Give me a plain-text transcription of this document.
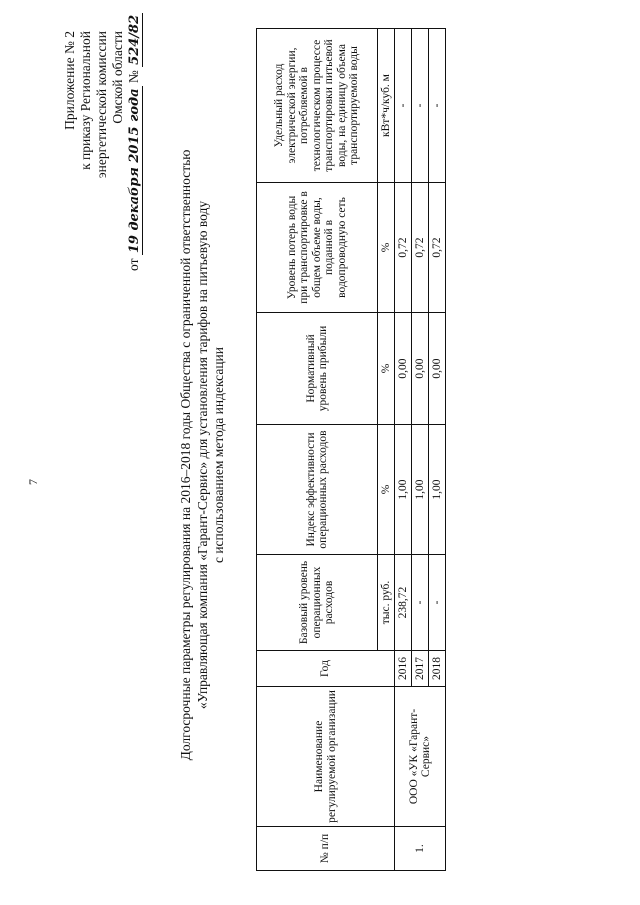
7
Приложение № 2 к приказу Региональной энергетической комиссии Омской области
от 19 декабря 2015 года № 524/82
Долгосрочные параметры регулирования на 2016–2018 годы Общества с ограниченной ответственностью «Управляющая компания «Гарант-Сервис» для установления тарифов на питьевую воду с использованием метода индексации
№ п/п	Наименование регулируемой организации	Год	Базовый уровень операционных расходов	Индекс эффективности операционных расходов	Нормативный уровень прибыли	Уровень потерь воды при транспортировке в общем объеме воды, поданной в водопроводную сеть	Удельный расход электрической энергии, потребляемой в технологическом процессе транспортировки питьевой воды, на единицу объема транспортируемой воды
			тыс. руб.	%	%	%	кВт*ч/куб. м
1.	ООО «УК «Гарант-Сервис»	2016	238,72	1,00	0,00	0,72	-
		2017	-	1,00	0,00	0,72	-
		2018	-	1,00	0,00	0,72	-
